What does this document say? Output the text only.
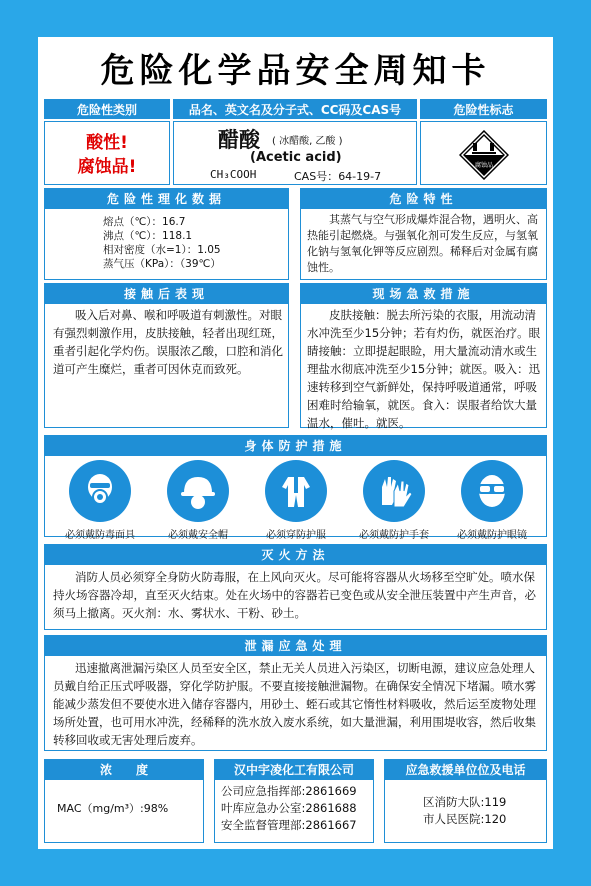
危险化学品安全周知卡
危险性类别	品名、英文名及分子式、CC码及CAS号	危险性标志
酸性!
腐蚀品!
醋酸 ( 冰醋酸, 乙酸 )
(Acetic acid)
CH₃COOH	CAS号：64-19-7
腐蚀品
危险性理化数据
熔点（℃）：16.7
沸点（℃）：118.1
相对密度（水=1）：1.05
蒸气压（KPa）：（39℃）
危险特性
其蒸气与空气形成爆炸混合物，遇明火、高热能引起燃烧。与强氧化剂可发生反应，与氢氧化钠与氢氧化钾等反应剧烈。稀释后对金属有腐蚀性。
接触后表现
吸入后对鼻、喉和呼吸道有刺激性。对眼有强烈刺激作用，皮肤接触，轻者出现红斑，重者引起化学灼伤。误服浓乙酸，口腔和消化道可产生糜烂，重者可因休克而致死。
现场急救措施
皮肤接触：脱去所污染的衣服，用流动清水冲洗至少15分钟；若有灼伤，就医治疗。眼睛接触：立即提起眼睑，用大量流动清水或生理盐水彻底冲洗至少15分钟；就医。吸入：迅速转移到空气新鲜处，保持呼吸道通常，呼吸困难时给输氧，就医。食入：误服者给饮大量温水，催吐。就医。
身体防护措施
必须戴防毒面具	必须戴安全帽	必须穿防护服	必须戴防护手套	必须戴防护眼镜
灭火方法
消防人员必须穿全身防火防毒服，在上风向灭火。尽可能将容器从火场移至空旷处。喷水保持火场容器冷却，直至灭火结束。处在火场中的容器若已变色或从安全泄压装置中产生声音，必须马上撤离。灭火剂：水、雾状水、干粉、砂土。
泄漏应急处理
迅速撤离泄漏污染区人员至安全区，禁止无关人员进入污染区，切断电源，建议应急处理人员戴自给正压式呼吸器，穿化学防护服。不要直接接触泄漏物。在确保安全情况下堵漏。喷水雾能减少蒸发但不要使水进入储存容器内，用砂土、蛭石或其它惰性材料吸收，然后运至废物处理场所处置，也可用水冲洗，经稀释的洗水放入废水系统，如大量泄漏，利用围堤收容，然后收集转移回收或无害处理后废弃。
浓　　度
MAC（mg/m³）:98%
汉中宇凌化工有限公司
公司应急指挥部:2861669
叶库应急办公室:2861688
安全监督管理部:2861667
应急救援单位位及电话
区消防大队:119
市人民医院:120
